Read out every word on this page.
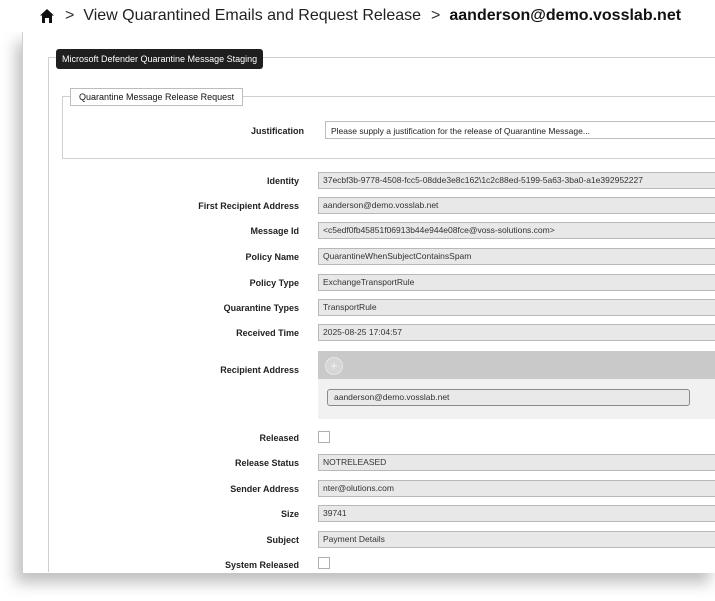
> View Quarantined Emails and Request Release > aanderson@demo.vosslab.net
Microsoft Defender Quarantine Message Staging
Quarantine Message Release Request
Justification	Please supply a justification for the release of Quarantine Message...
Identity	37ecbf3b-9778-4508-fcc5-08dde3e8c162\1c2c88ed-5199-5a63-3ba0-a1e392952227
First Recipient Address	aanderson@demo.vosslab.net
Message Id	<c5edf0fb45851f06913b44e944e08fce@voss-solutions.com>
Policy Name	QuarantineWhenSubjectContainsSpam
Policy Type	ExchangeTransportRule
Quarantine Types	TransportRule
Received Time	2025-08-25 17:04:57
Recipient Address	+
aanderson@demo.vosslab.net
Released
Release Status	NOTRELEASED
Sender Address	nter@olutions.com
Size	39741
Subject	Payment Details
System Released
